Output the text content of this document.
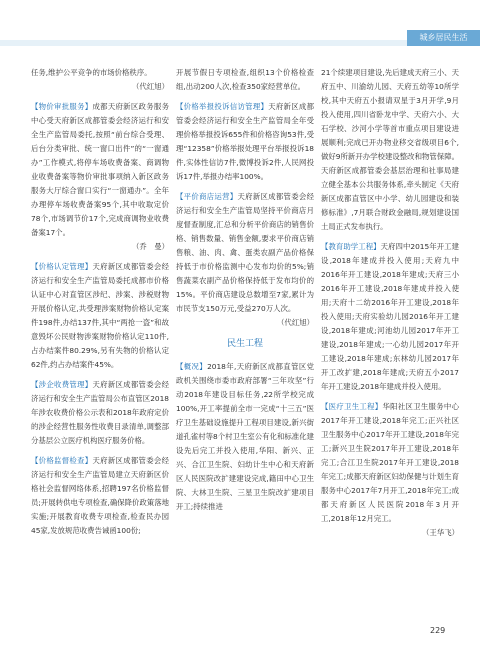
城乡居民生活

任务,维护公平竞争的市场价格秩序。
（代红旭）

【物价审批服务】成都天府新区政务服务中心受天府新区成都管委会经济运行和安全生产监管局委托,按照“前台综合受理、后台分类审批、统一窗口出件”的“一窗通办”工作模式,将停车场收费备案、商调物业收费备案等物价审批事项纳入新区政务服务大厅综合窗口实行“一窗通办”。全年办理停车场收费备案95个,其中收取定价78个,市场调节价17个,完成商调物业收费备案17个。
（乔　曼）

【价格认定管理】天府新区成都管委会经济运行和安全生产监管局委托成都市价格认证中心对直管区涉纪、涉案、涉税财物开展价格认定,共受理涉案财物价格认定案件198件,办结137件,其中“两抢一盗”和故意毁坏公民财物涉案财物价格认定110件,占办结案件80.29%,另有失物的价格认定62件,约占办结案件45%。

【涉企收费管理】天府新区成都管委会经济运行和安全生产监管局公布直管区2018年涉农收费价格公示表和2018年政府定价的涉企经营性服务性收费目录清单,调整部分基层公立医疗机构医疗服务价格。

【价格监督检查】天府新区成都管委会经济运行和安全生产监管局建立天府新区价格社会监督网络体系,招聘197名价格监督员;开展转供电专项检查,确保降价政策落地实施;开展教育收费专项检查,检查民办园45家,发放规范收费告诫函100份;

开展节假日专项检查,组织13个价格检查组,出动200人次,检查350家经营单位。

【价格举报投诉信访管理】天府新区成都管委会经济运行和安全生产监管局全年受理价格举报投诉655件和价格咨询53件,受理“12358”价格举报处理平台举报投诉18件,实体性信访7件,微博投诉2件,人民网投诉17件,举报办结率100%。

【平价商店运营】天府新区成都管委会经济运行和安全生产监管局坚持平价商店月度督查制度,汇总和分析平价商店的销售价格、销售数量、销售金额,要求平价商店销售粮、油、肉、禽、蛋类农副产品价格保持低于市价格监测中心发布均价的5%;销售蔬菜农副产品价格保持低于发布均价的15%。平价商店建设总数增至7家,累计为市民节支150万元,受益270万人次。
（代红旭）

民生工程

【概况】2018年,天府新区成都直管区党政机关围绕市委市政府部署“三年攻坚”行动2018年建设目标任务,22所学校完成100%,开工率提前全市一完成“十三五”医疗卫生基础设施提升工程项目建设,新兴街道孔雀村等8个村卫生室公有化和标准化建设先后完工并投入使用,华阳、新兴、正兴、合江卫生院、妇幼计生中心和天府新区人民医院改扩建建设完成,籍田中心卫生院、大林卫生院、三星卫生院改扩建项目开工;持续推进

21个续建项目建设,先后建成天府三小、天府五中、川渝幼儿园、天府五幼等10所学校,其中天府五小报请双星于3月开学,9月投入使用,四川省卧龙中学、天府六小、大石学校、沙河小学等首市重点项目建设进展顺利;完成已开办物业移交省级项目6个,做好9所新开办学校建设整改和物管保障。天府新区成都管委会基层治理和社事局建立健全基本公共服务体系,牵头制定《天府新区成都直管区中小学、幼儿园建设和装修标准》,7月联合财政金融局,规划建设国土局正式发布执行。

【教育助学工程】天府四中2015年开工建设,2018年建成并投入使用;天府九中2016年开工建设,2018年建成;天府三小2016年开工建设,2018年建成并投入使用;天府十二幼2016年开工建设,2018年投入使用;天府实验幼儿园2016年开工建设,2018年建成;河池幼儿园2017年开工建设,2018年建成;一心幼儿园2017年开工建设,2018年建成;东林幼儿园2017年开工改扩建,2018年建成;天府五小2017年开工建设,2018年建成并投入使用。

【医疗卫生工程】华阳社区卫生服务中心2017年开工建设,2018年完工;正兴社区卫生服务中心2017年开工建设,2018年完工;新兴卫生院2017年开工建设,2018年完工;合江卫生院2017年开工建设,2018年完工;成都天府新区妇幼保健与计划生育服务中心2017年7月开工,2018年完工;成都天府新区人民医院2018年3月开工,2018年12月完工。
（王华飞）

229
